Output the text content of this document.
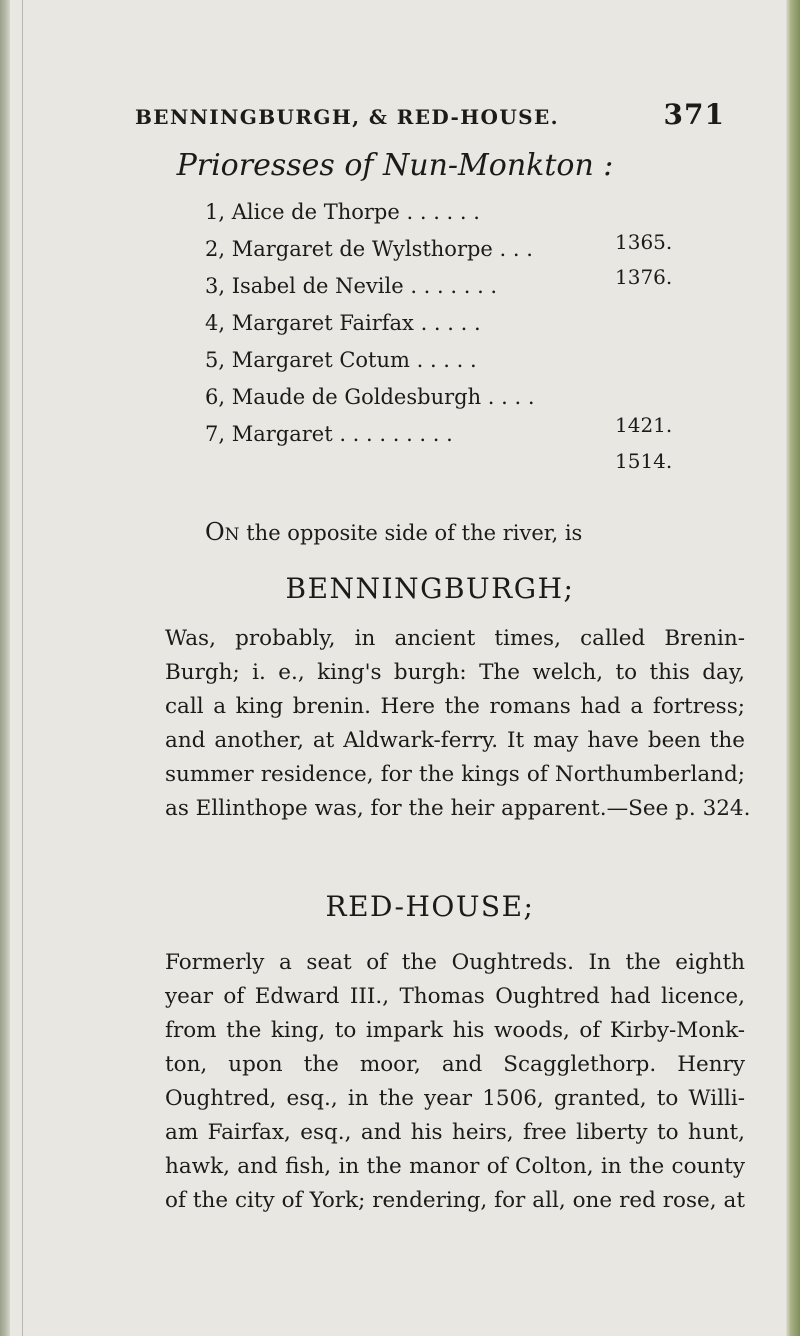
BENNINGBURGH, & RED-HOUSE.	371
Prioresses of Nun-Monkton :
1, Alice de Thorpe . . . . . .
2, Margaret de Wylsthorpe . . .
3, Isabel de Nevile . . . . . . .
4, Margaret Fairfax . . . . .
5, Margaret Cotum . . . . .
6, Maude de Goldesburgh . . . .
7, Margaret . . . . . . . . .
1365.
1376.
1421.
1514.
On the opposite side of the river, is
BENNINGBURGH;
Was, probably, in ancient times, called Brenin-
Burgh; i. e., king's burgh: The welch, to this day,
call a king brenin. Here the romans had a fortress;
and another, at Aldwark-ferry. It may have been the
summer residence, for the kings of Northumberland;
as Ellinthope was, for the heir apparent.—See p. 324.
RED-HOUSE;
Formerly a seat of the Oughtreds. In the eighth
year of Edward III., Thomas Oughtred had licence,
from the king, to impark his woods, of Kirby-Monk-
ton, upon the moor, and Scagglethorp. Henry
Oughtred, esq., in the year 1506, granted, to Willi-
am Fairfax, esq., and his heirs, free liberty to hunt,
hawk, and fish, in the manor of Colton, in the county
of the city of York; rendering, for all, one red rose, at
